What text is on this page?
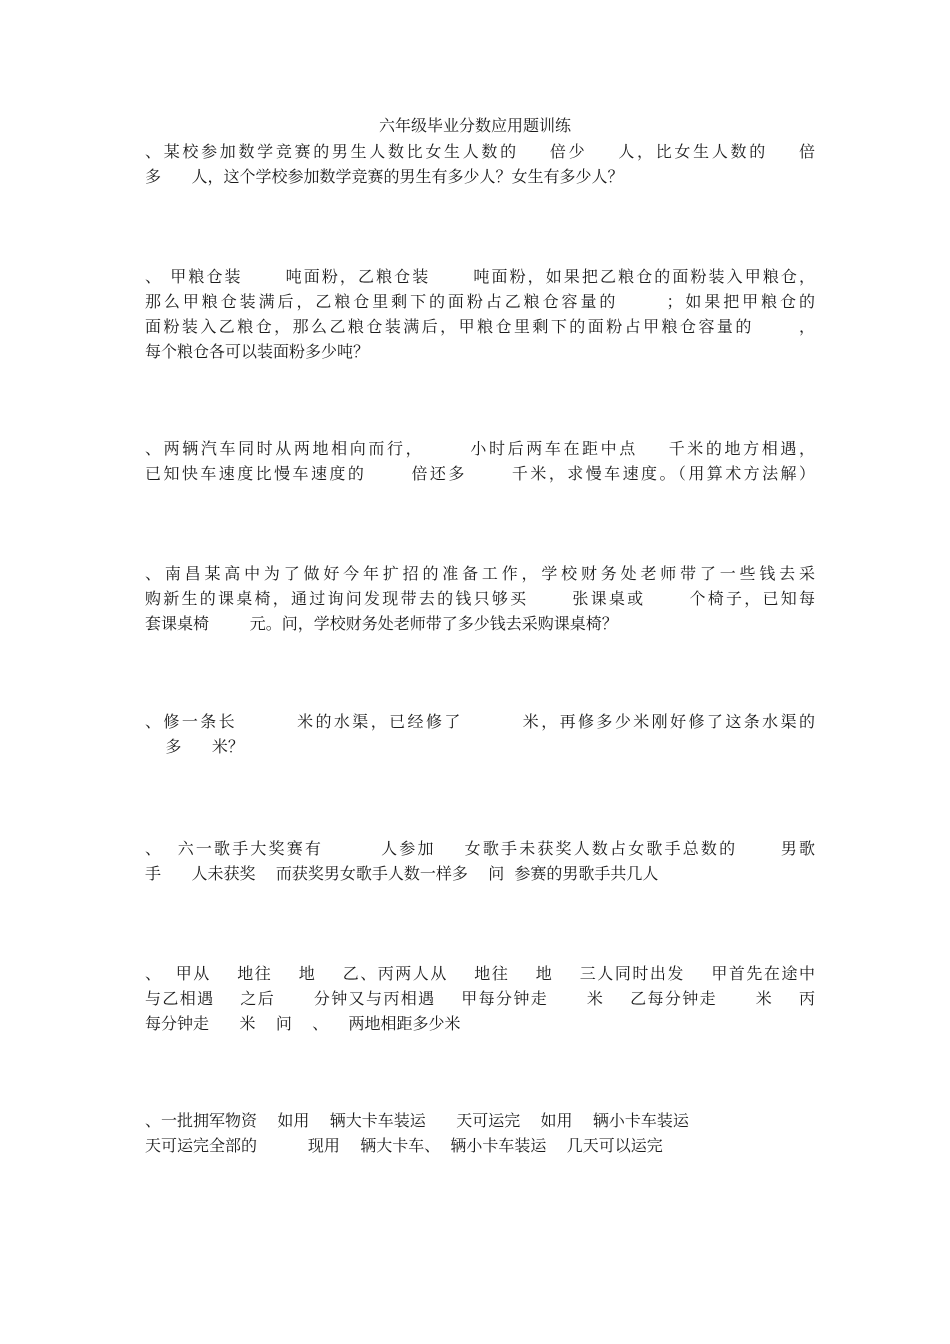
六年级毕业分数应用题训练
、某校参加数学竞赛的男生人数比女生人数的    倍少    人，比女生人数的    倍
多      人，这个学校参加数学竞赛的男生有多少人？女生有多少人？
、 甲粮仓装      吨面粉，乙粮仓装      吨面粉，如果把乙粮仓的面粉装入甲粮仓，
那么甲粮仓装满后，乙粮仓里剩下的面粉占乙粮仓容量的      ；如果把甲粮仓的
面粉装入乙粮仓，那么乙粮仓装满后，甲粮仓里剩下的面粉占甲粮仓容量的      ，
每个粮仓各可以装面粉多少吨？
、两辆汽车同时从两地相向而行，      小时后两车在距中点    千米的地方相遇，
已知快车速度比慢车速度的      倍还多      千米，求慢车速度。（用算术方法解）
、南昌某高中为了做好今年扩招的准备工作，学校财务处老师带了一些钱去采
购新生的课桌椅，通过询问发现带去的钱只够买      张课桌或      个椅子，已知每
套课桌椅        元。问，学校财务处老师带了多少钱去采购课桌椅？
、修一条长        米的水渠，已经修了        米，再修多少米刚好修了这条水渠的
多      米？
、  六一歌手大奖赛有        人参加    女歌手未获奖人数占女歌手总数的      男歌
手      人未获奖    而获奖男女歌手人数一样多    问  参赛的男歌手共几人
、  甲从    地往    地    乙、丙两人从    地往    地    三人同时出发    甲首先在途中
与乙相遇    之后      分钟又与丙相遇    甲每分钟走      米    乙每分钟走      米    丙
每分钟走      米    问    、    两地相距多少米
、一批拥军物资    如用    辆大卡车装运      天可运完    如用    辆小卡车装运
天可运完全部的          现用    辆大卡车、  辆小卡车装运    几天可以运完
